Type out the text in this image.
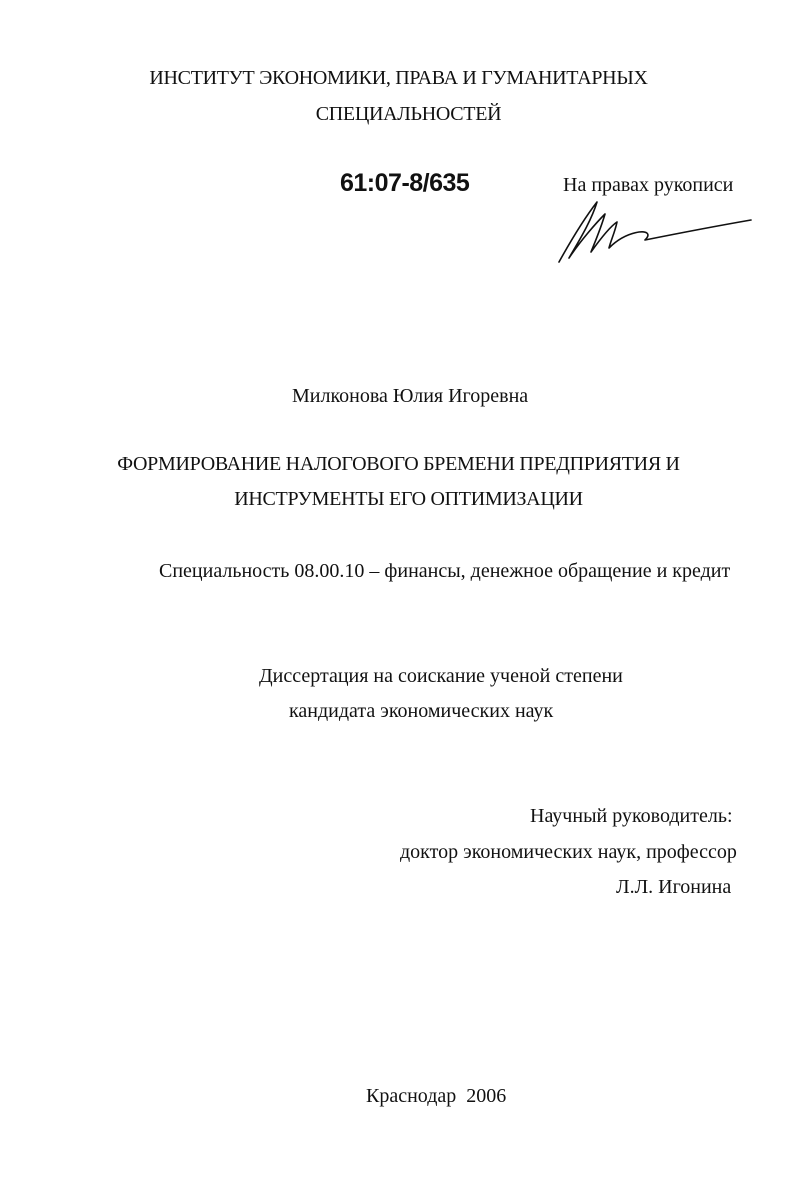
ИНСТИТУТ ЭКОНОМИКИ, ПРАВА И ГУМАНИТАРНЫХ
СПЕЦИАЛЬНОСТЕЙ
61:07-8/635	На правах рукописи
Милконова Юлия Игоревна
ФОРМИРОВАНИЕ НАЛОГОВОГО БРЕМЕНИ ПРЕДПРИЯТИЯ И
ИНСТРУМЕНТЫ ЕГО ОПТИМИЗАЦИИ
Специальность 08.00.10 – финансы, денежное обращение и кредит
Диссертация на соискание ученой степени
кандидата экономических наук
Научный руководитель:
доктор экономических наук, профессор
Л.Л. Игонина
Краснодар  2006
